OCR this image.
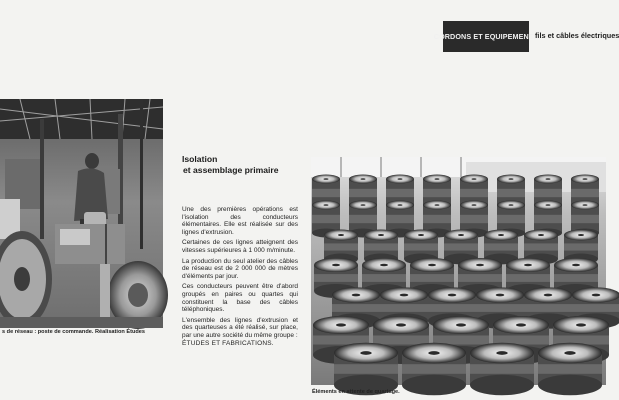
CORDONS ET EQUIPEMENTS
fils et câbles électriques
s de réseau : poste de commande. Réalisation Études
Isolation
et assemblage primaire

Une des premières opérations est l'isolation des conducteurs élémentaires. Elle est réalisée sur des lignes d'extrusion.

Certaines de ces lignes atteignent des vitesses supérieures à 1 000 m/minute.

La production du seul atelier des câbles de réseau est de 2 000 000 de mètres d'éléments par jour.

Ces conducteurs peuvent être d'abord groupés en paires ou quartes qui constituent la base des câbles téléphoniques.

L'ensemble des lignes d'extrusion et des quarteuses a été réalisé, sur place, par une autre société du même groupe :

ÉTUDES ET FABRICATIONS.

Éléments en attente de quartage.
